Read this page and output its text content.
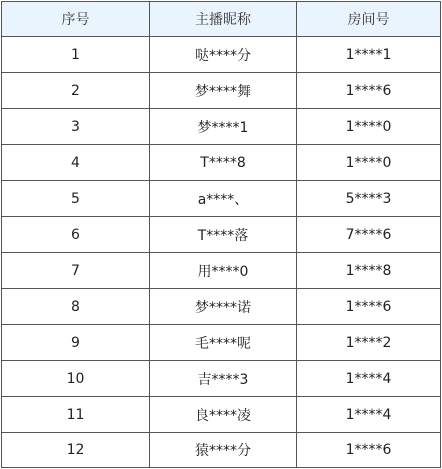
序号	主播昵称	房间号
1	哒****分	1****1
2	梦****舞	1****6
3	梦****1	1****0
4	T****8	1****0
5	a****、	5****3
6	T****落	7****6
7	用****0	1****8
8	梦****诺	1****6
9	毛****呢	1****2
10	吉****3	1****4
11	良****凌	1****4
12	猿****分	1****6
